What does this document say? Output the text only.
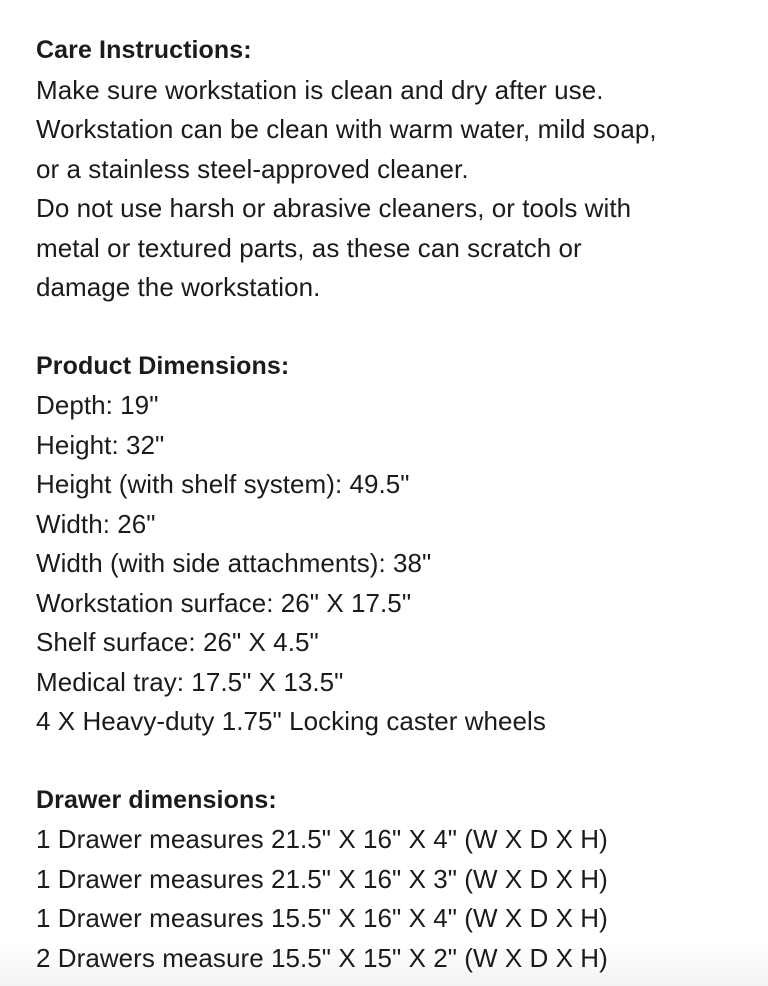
Care Instructions:

Make sure workstation is clean and dry after use.

Workstation can be clean with warm water, mild soap,

or a stainless steel-approved cleaner.

Do not use harsh or abrasive cleaners, or tools with

metal or textured parts, as these can scratch or

damage the workstation.

Product Dimensions:

Depth: 19"

Height: 32"

Height (with shelf system): 49.5"

Width: 26"

Width (with side attachments): 38"

Workstation surface: 26" X 17.5"

Shelf surface: 26" X 4.5"

Medical tray: 17.5" X 13.5"

4 X Heavy-duty 1.75" Locking caster wheels

Drawer dimensions:

1 Drawer measures 21.5" X 16" X 4" (W X D X H)

1 Drawer measures 21.5" X 16" X 3" (W X D X H)

1 Drawer measures 15.5" X 16" X 4" (W X D X H)

2 Drawers measure 15.5" X 15" X 2" (W X D X H)
